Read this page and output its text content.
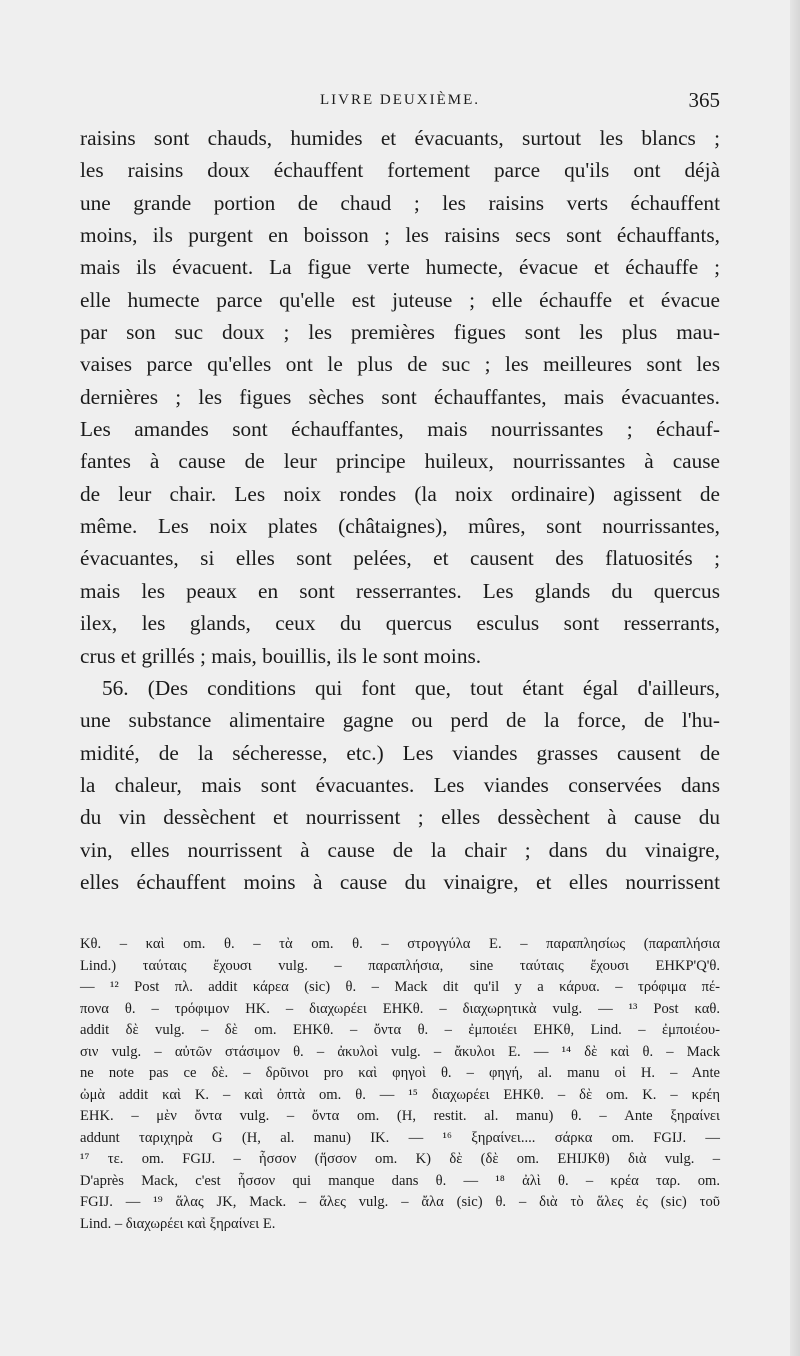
LIVRE DEUXIÈME.	365

raisins sont chauds, humides et évacuants, surtout les blancs ;

les raisins doux échauffent fortement parce qu'ils ont déjà

une grande portion de chaud ; les raisins verts échauffent

moins, ils purgent en boisson ; les raisins secs sont échauffants,

mais ils évacuent. La figue verte humecte, évacue et échauffe ;

elle humecte parce qu'elle est juteuse ; elle échauffe et évacue

par son suc doux ; les premières figues sont les plus mau-

vaises parce qu'elles ont le plus de suc ; les meilleures sont les

dernières ; les figues sèches sont échauffantes, mais évacuantes.

Les amandes sont échauffantes, mais nourrissantes ; échauf-

fantes à cause de leur principe huileux, nourrissantes à cause

de leur chair. Les noix rondes (la noix ordinaire) agissent de

même. Les noix plates (châtaignes), mûres, sont nourrissantes,

évacuantes, si elles sont pelées, et causent des flatuosités ;

mais les peaux en sont resserrantes. Les glands du quercus

ilex, les glands, ceux du quercus esculus sont resserrants,

crus et grillés ; mais, bouillis, ils le sont moins.

56. (Des conditions qui font que, tout étant égal d'ailleurs,

une substance alimentaire gagne ou perd de la force, de l'hu-

midité, de la sécheresse, etc.) Les viandes grasses causent de

la chaleur, mais sont évacuantes. Les viandes conservées dans

du vin dessèchent et nourrissent ; elles dessèchent à cause du

vin, elles nourrissent à cause de la chair ; dans du vinaigre,

elles échauffent moins à cause du vinaigre, et elles nourrissent

Kθ. – καὶ om. θ. – τὰ om. θ. – στρογγύλα E. – παραπλησίως (παραπλήσια

Lind.) ταύταις ἔχουσι vulg. – παραπλήσια, sine ταύταις ἔχουσι EHKP'Q'θ.

— ¹² Post πλ. addit κάρεα (sic) θ. – Mack dit qu'il y a κάρυα. – τρόφιμα πέ-

πονα θ. – τρόφιμον HK. – διαχωρέει EHKθ. – διαχωρητικὰ vulg. — ¹³ Post καθ.

addit δὲ vulg. – δὲ om. EHKθ. – ὄντα θ. – ἐμποιέει EHKθ, Lind. – ἐμποιέου-

σιν vulg. – αὐτῶν στάσιμον θ. – ἀκυλοὶ vulg. – ἄκυλοι E. — ¹⁴ δὲ καὶ θ. – Mack

ne note pas ce δὲ. – δρῦινοι pro καὶ φηγοὶ θ. – φηγή, al. manu οἱ H. – Ante

ὠμὰ addit καὶ K. – καὶ ὀπτὰ om. θ. — ¹⁵ διαχωρέει EHKθ. – δὲ om. K. – κρέη

EHK. – μὲν ὄντα vulg. – ὄντα om. (H, restit. al. manu) θ. – Ante ξηραίνει

addunt ταριχηρὰ G (H, al. manu) IK. — ¹⁶ ξηραίνει.... σάρκα om. FGIJ. —

¹⁷ τε. om. FGIJ. – ἧσσον (ἥσσον om. K) δὲ (δὲ om. EHIJKθ) διὰ vulg. –

D'après Mack, c'est ἧσσον qui manque dans θ. — ¹⁸ ἀλὶ θ. – κρέα ταρ. om.

FGIJ. — ¹⁹ ἅλας JK, Mack. – ἅλες vulg. – ἄλα (sic) θ. – διὰ τὸ ἅλες ἐς (sic) τοῦ

Lind. – διαχωρέει καὶ ξηραίνει E.
